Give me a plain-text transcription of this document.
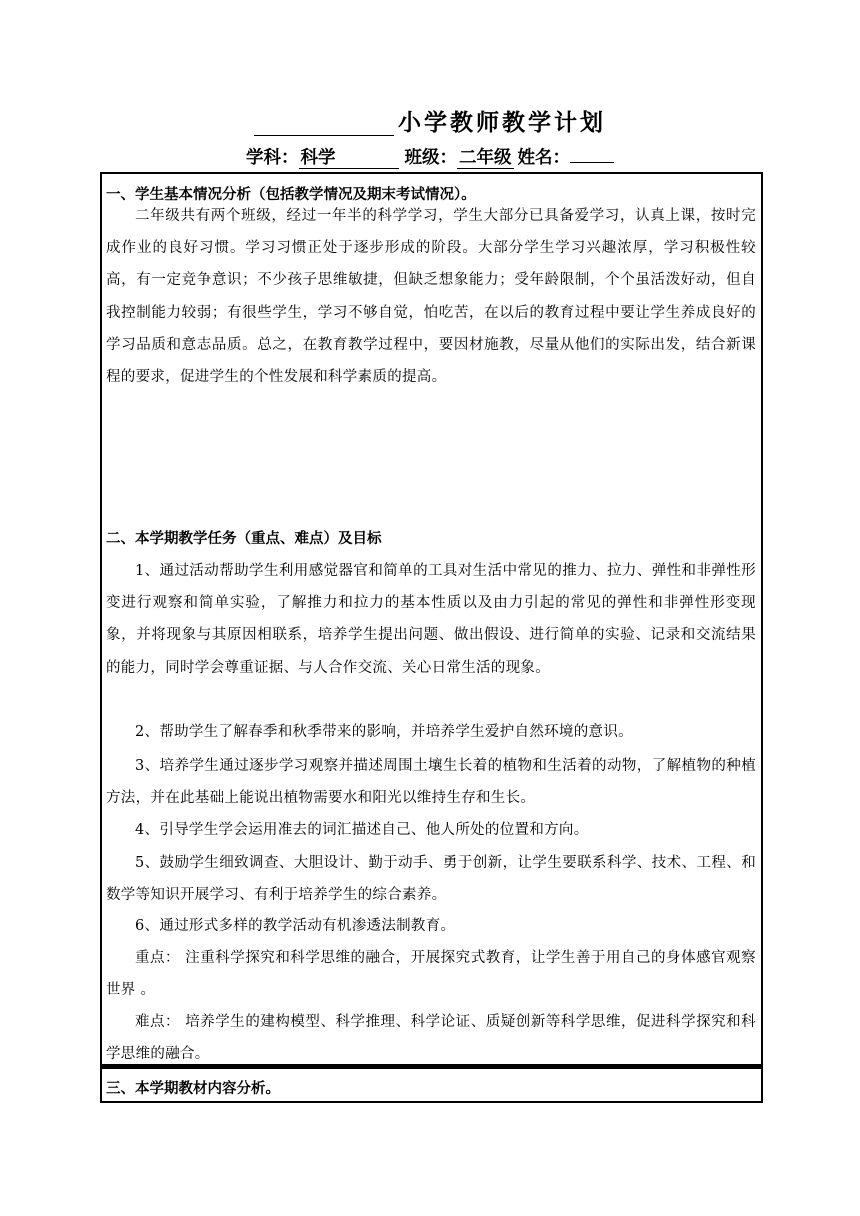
小学教师教学计划
学科： 科学	班级： 二年级 姓名：

一、学生基本情况分析（包括教学情况及期末考试情况）。

二年级共有两个班级，经过一年半的科学学习，学生大部分已具备爱学习，认真上课，按时完成作业的良好习惯。学习习惯正处于逐步形成的阶段。大部分学生学习兴趣浓厚，学习积极性较高，有一定竞争意识；不少孩子思维敏捷，但缺乏想象能力；受年龄限制，个个虽活泼好动，但自我控制能力较弱；有很些学生，学习不够自觉，怕吃苦，在以后的教育过程中要让学生养成良好的学习品质和意志品质。总之，在教育教学过程中，要因材施教，尽量从他们的实际出发，结合新课程的要求，促进学生的个性发展和科学素质的提高。

二、本学期教学任务（重点、难点）及目标

1、通过活动帮助学生利用感觉器官和简单的工具对生活中常见的推力、拉力、弹性和非弹性形变进行观察和简单实验，了解推力和拉力的基本性质以及由力引起的常见的弹性和非弹性形变现象，并将现象与其原因相联系，培养学生提出问题、做出假设、进行简单的实验、记录和交流结果的能力，同时学会尊重证据、与人合作交流、关心日常生活的现象。

2、帮助学生了解春季和秋季带来的影响，并培养学生爱护自然环境的意识。

3、培养学生通过逐步学习观察并描述周围土壤生长着的植物和生活着的动物，了解植物的种植方法，并在此基础上能说出植物需要水和阳光以维持生存和生长。

4、引导学生学会运用准去的词汇描述自己、他人所处的位置和方向。

5、鼓励学生细致调查、大胆设计、勤于动手、勇于创新，让学生要联系科学、技术、工程、和数学等知识开展学习、有利于培养学生的综合素养。

6、通过形式多样的教学活动有机渗透法制教育。

重点： 注重科学探究和科学思维的融合，开展探究式教育，让学生善于用自己的身体感官观察世界 。

难点： 培养学生的建构模型、科学推理、科学论证、质疑创新等科学思维，促进科学探究和科学思维的融合。

三、本学期教材内容分析。
